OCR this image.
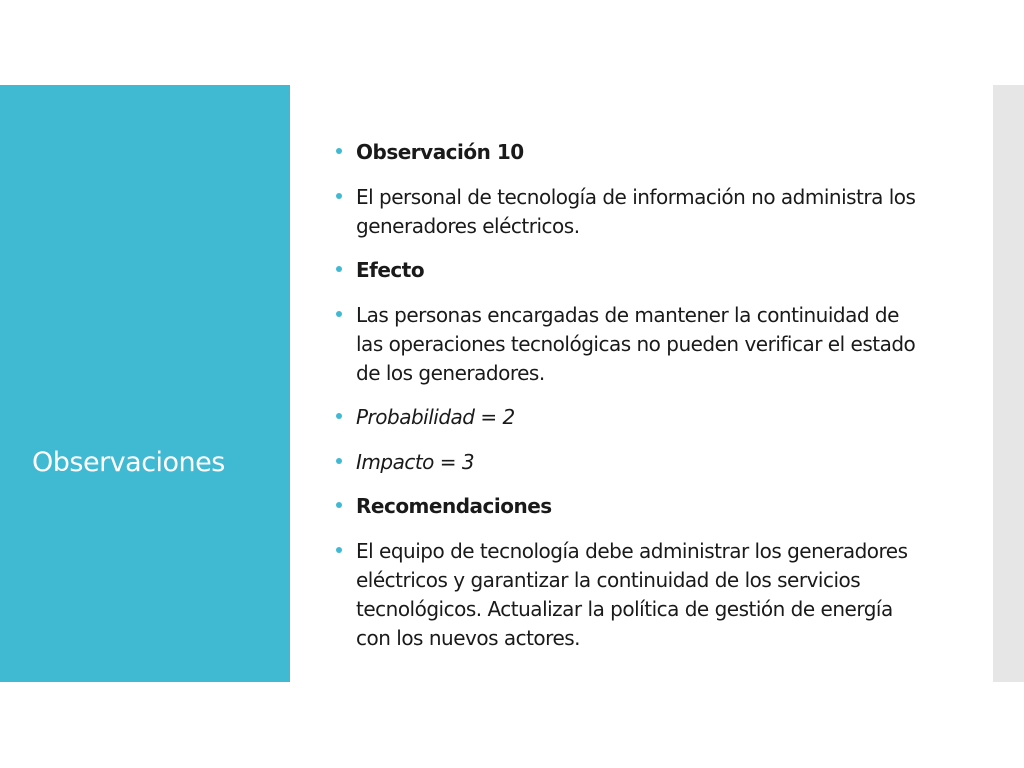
Observaciones
Observación 10
El personal de tecnología de información no administra los generadores eléctricos.
Efecto
Las personas encargadas de mantener la continuidad de las operaciones tecnológicas no pueden verificar el estado de los generadores.
Probabilidad = 2
Impacto = 3
Recomendaciones
El equipo de tecnología debe administrar los generadores eléctricos y garantizar la continuidad de los servicios tecnológicos. Actualizar la política de gestión de energía con los nuevos actores.
